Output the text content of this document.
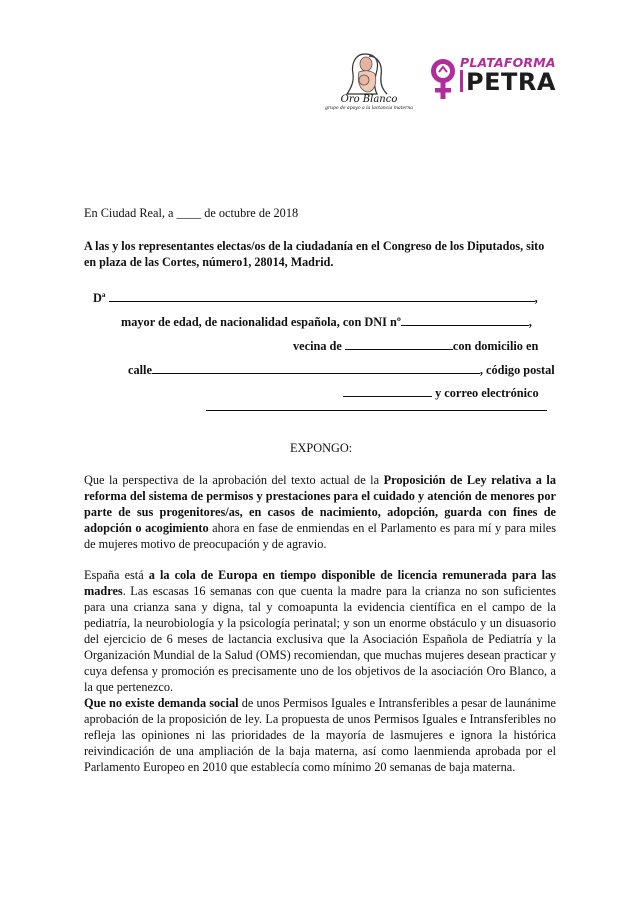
Oro Blanco
grupo de apoyo a la lactancia materna
PLATAFORMA
PETRA
En Ciudad Real, a ____ de octubre de 2018
A las y los representantes electas/os de la ciudadanía en el Congreso de los Diputados, sito en plaza de las Cortes, número1, 28014, Madrid.
Dª	,
mayor de edad, de nacionalidad española, con DNI nº	,
vecina de	con domicilio en
calle	, código postal
y correo electrónico
EXPONGO:

Que la perspectiva de la aprobación del texto actual de la Proposición de Ley relativa a la reforma del sistema de permisos y prestaciones para el cuidado y atención de menores por parte de sus progenitores/as, en casos de nacimiento, adopción, guarda con fines de adopción o acogimiento ahora en fase de enmiendas en el Parlamento es para mí y para miles de mujeres motivo de preocupación y de agravio.

España está a la cola de Europa en tiempo disponible de licencia remunerada para las madres. Las escasas 16 semanas con que cuenta la madre para la crianza no son suficientes para una crianza sana y digna, tal y comoapunta la evidencia científica en el campo de la pediatría, la neurobiología y la psicología perinatal; y son un enorme obstáculo y un disuasorio del ejercicio de 6 meses de lactancia exclusiva que la Asociación Española de Pediatría y la Organización Mundial de la Salud (OMS) recomiendan, que muchas mujeres desean practicar y cuya defensa y promoción es precisamente uno de los objetivos de la asociación Oro Blanco, a la que pertenezco.

Que no existe demanda social de unos Permisos Iguales e Intransferibles a pesar de launánime aprobación de la proposición de ley. La propuesta de unos Permisos Iguales e Intransferibles no refleja las opiniones ni las prioridades de la mayoría de lasmujeres e ignora la histórica reivindicación de una ampliación de la baja materna, así como laenmienda aprobada por el Parlamento Europeo en 2010 que establecía como mínimo 20 semanas de baja materna.
